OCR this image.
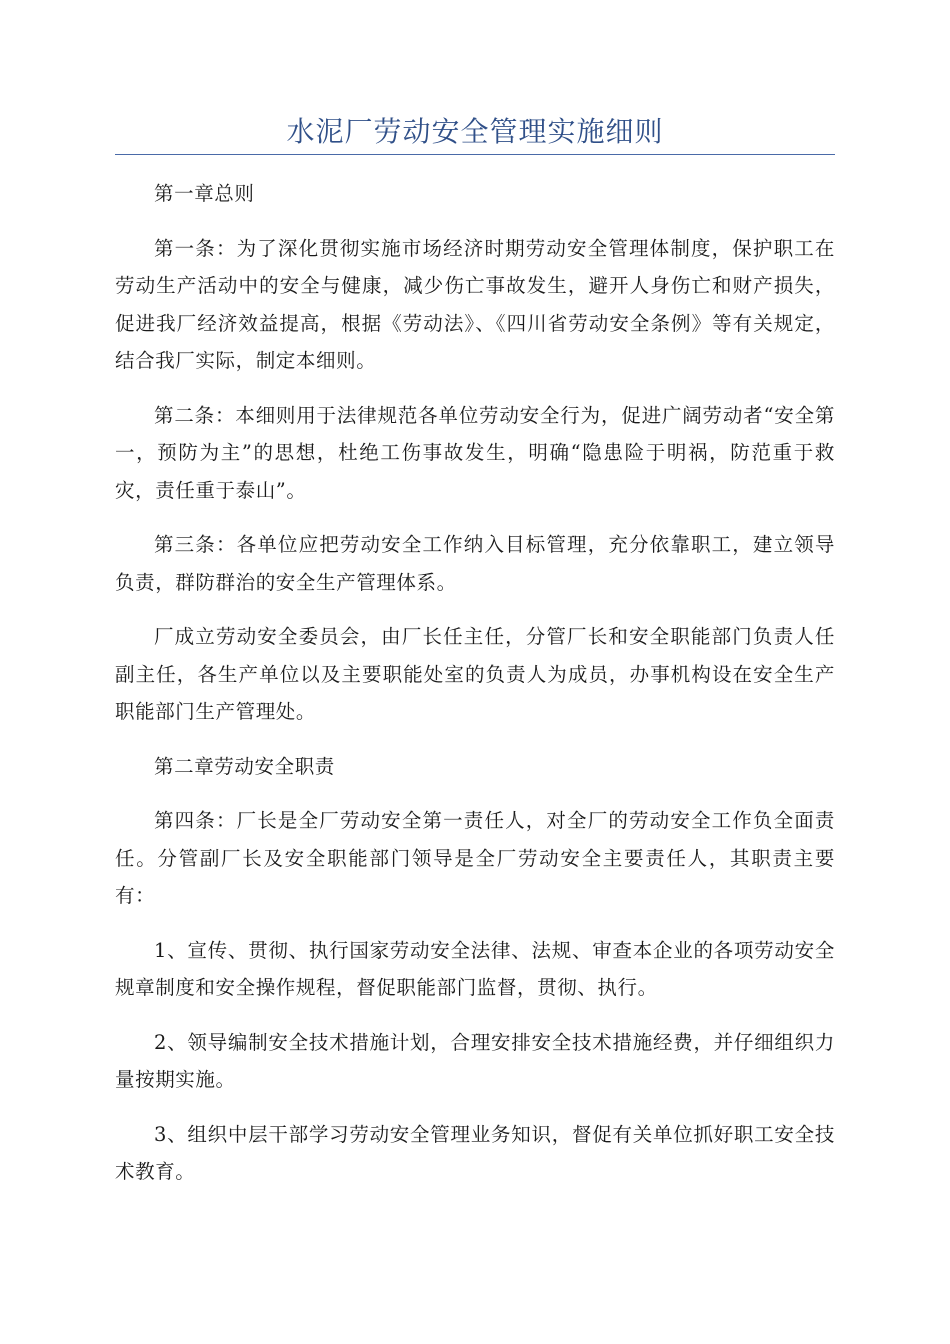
水泥厂劳动安全管理实施细则

第一章总则

第一条：为了深化贯彻实施市场经济时期劳动安全管理体制度，保护职工在劳动生产活动中的安全与健康，减少伤亡事故发生，避开人身伤亡和财产损失，促进我厂经济效益提高，根据《劳动法》、《四川省劳动安全条例》等有关规定，结合我厂实际，制定本细则。

第二条：本细则用于法律规范各单位劳动安全行为，促进广阔劳动者“安全第一，预防为主”的思想，杜绝工伤事故发生，明确“隐患险于明祸，防范重于救灾，责任重于泰山”。

第三条：各单位应把劳动安全工作纳入目标管理，充分依靠职工，建立领导负责，群防群治的安全生产管理体系。

厂成立劳动安全委员会，由厂长任主任，分管厂长和安全职能部门负责人任副主任，各生产单位以及主要职能处室的负责人为成员，办事机构设在安全生产职能部门生产管理处。

第二章劳动安全职责

第四条：厂长是全厂劳动安全第一责任人，对全厂的劳动安全工作负全面责任。分管副厂长及安全职能部门领导是全厂劳动安全主要责任人，其职责主要有：

1、宣传、贯彻、执行国家劳动安全法律、法规、审查本企业的各项劳动安全规章制度和安全操作规程，督促职能部门监督，贯彻、执行。

2、领导编制安全技术措施计划，合理安排安全技术措施经费，并仔细组织力量按期实施。

3、组织中层干部学习劳动安全管理业务知识，督促有关单位抓好职工安全技术教育。
